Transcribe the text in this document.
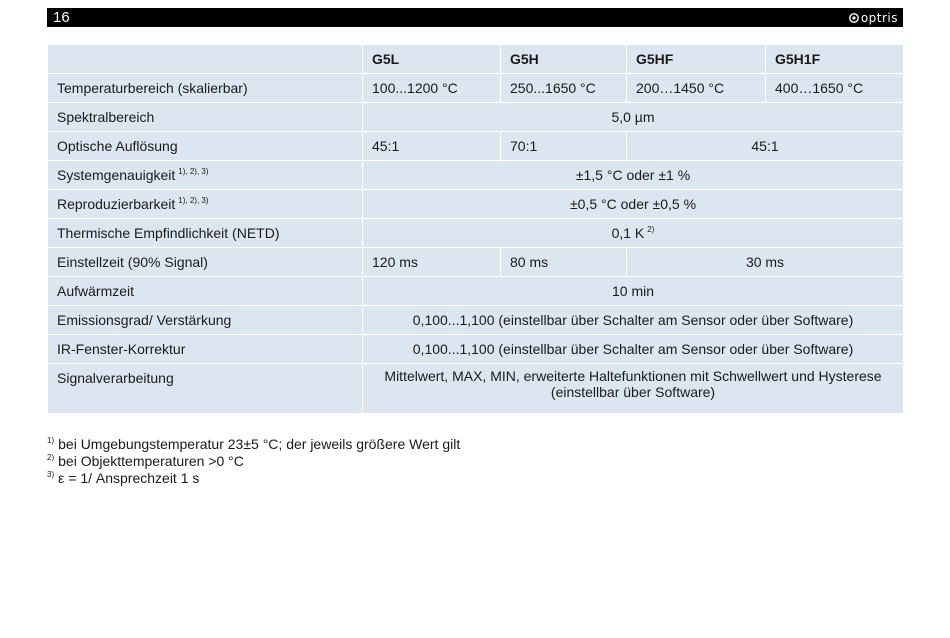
16	optris
	G5L	G5H	G5HF	G5H1F
Temperaturbereich (skalierbar)	100...1200 °C	250...1650 °C	200…1450 °C	400…1650 °C
Spektralbereich	5,0 µm			
Optische Auflösung	45:1	70:1	45:1	
Systemgenauigkeit $^{1), 2), 3)}$	±1,5 °C oder ±1 %			
Reproduzierbarkeit $^{1), 2), 3)}$	±0,5 °C oder ±0,5 %			
Thermische Empfindlichkeit (NETD)	0,1 K $^{2)}$
Einstellzeit (90% Signal)	120 ms	80 ms	30 ms	
Aufwärmzeit	10 min			
Emissionsgrad/ Verstärkung	0,100...1,100 (einstellbar über Schalter am Sensor oder über Software)			
IR-Fenster-Korrektur	0,100...1,100 (einstellbar über Schalter am Sensor oder über Software)			
Signalverarbeitung	Mittelwert, MAX, MIN, erweiterte Haltefunktionen mit Schwellwert und Hysterese
(einstellbar über Software)			
$^{1)}$ bei Umgebungstemperatur 23±5 °C; der jeweils größere Wert gilt
$^{2)}$ bei Objekttemperaturen >0 °C
$^{3)}$ ε = 1/ Ansprechzeit 1 s
